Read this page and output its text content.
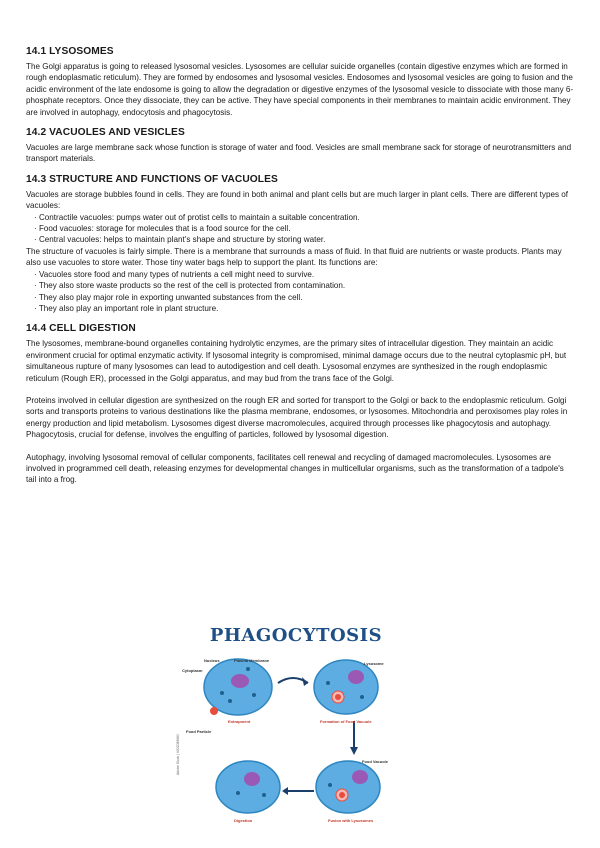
14.1 LYSOSOMES

The Golgi apparatus is going to released lysosomal vesicles. Lysosomes are cellular suicide organelles (contain digestive enzymes which are formed in rough endoplasmatic reticulum). They are formed by endosomes and lysosomal vesicles. Endosomes and lysosomal vesicles are going to fusion and the acidic environment of the late endosome is going to allow the degradation or digestive enzymes of the lysosomal vesicle to dissociate with those many 6-phosphate receptors. Once they dissociate, they can be active. They have special components in their membranes to maintain acidic environment. They are involved in autophagy, endocytosis and phagocytosis.

14.2 VACUOLES AND VESICLES

Vacuoles are large membrane sack whose function is storage of water and food. Vesicles are small membrane sack for storage of neurotransmitters and transport materials.

14.3 STRUCTURE AND FUNCTIONS OF VACUOLES

Vacuoles are storage bubbles found in cells. They are found in both animal and plant cells but are much larger in plant cells. There are different types of vacuoles:

· Contractile vacuoles: pumps water out of protist cells to maintain a suitable concentration.
· Food vacuoles: storage for molecules that is a food source for the cell.
· Central vacuoles: helps to maintain plant’s shape and structure by storing water.

The structure of vacuoles is fairly simple. There is a membrane that surrounds a mass of fluid. In that fluid are nutrients or waste products. Plants may also use vacuoles to store water. Those tiny water bags help to support the plant. Its functions are:

· Vacuoles store food and many types of nutrients a cell might need to survive.
· They also store waste products so the rest of the cell is protected from contamination.
· They also play major role in exporting unwanted substances from the cell.
· They also play an important role in plant structure.
14.4 CELL DIGESTION

The lysosomes, membrane-bound organelles containing hydrolytic enzymes, are the primary sites of intracellular digestion. They maintain an acidic environment crucial for optimal enzymatic activity. If lysosomal integrity is compromised, minimal damage occurs due to the neutral cytoplasmic pH, but simultaneous rupture of many lysosomes can lead to autodigestion and cell death. Lysosomal enzymes are synthesized in the rough endoplasmic reticulum (Rough ER), processed in the Golgi apparatus, and may bud from the trans face of the Golgi.

Proteins involved in cellular digestion are synthesized on the rough ER and sorted for transport to the Golgi or back to the endoplasmic reticulum. Golgi sorts and transports proteins to various destinations like the plasma membrane, endosomes, or lysosomes. Mitochondria and peroxisomes play roles in energy production and lipid metabolism. Lysosomes digest diverse macromolecules, acquired through processes like phagocytosis and autophagy. Phagocytosis, crucial for defense, involves the engulfing of particles, followed by lysosomal digestion.

Autophagy, involving lysosomal removal of cellular components, facilitates cell renewal and recycling of damaged macromolecules. Lysosomes are involved in programmed cell death, releasing enzymes for developmental changes in multicellular organisms, such as the transformation of a tadpole's tail into a frog.

PHAGOCYTOSIS
Nucleus	Plasma Membrane
Cytoplasm
Lysosome
Entrapment
Food Particle
Formation of Food Vacuole
Food Vacuole
Digestion	Fusion with Lysosomes
Adobe Stock | #302089660
